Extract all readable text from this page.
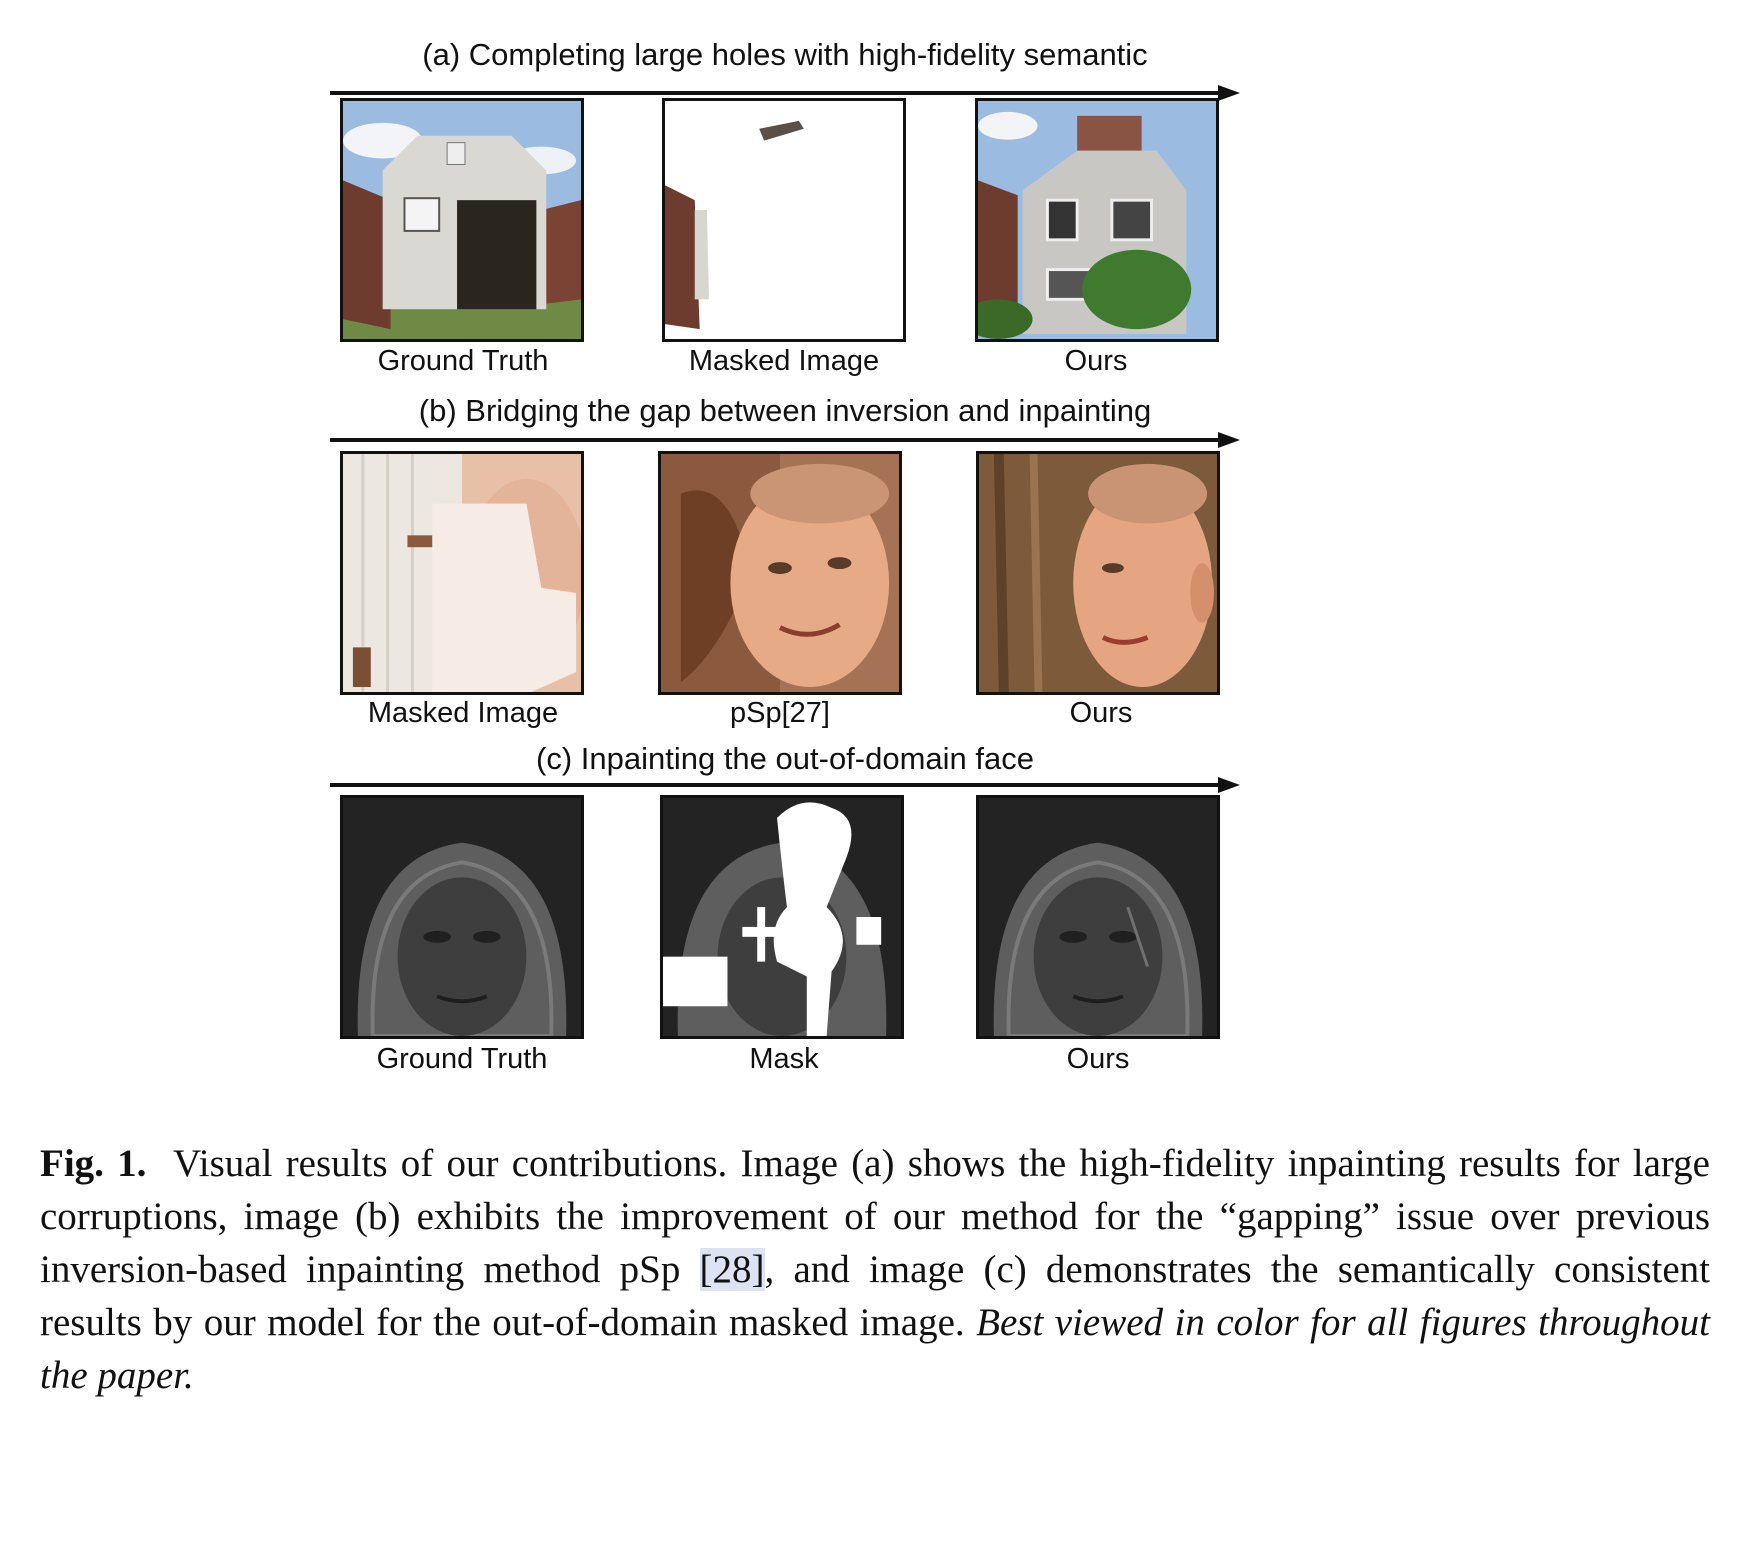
(a) Completing large holes with high-fidelity semantic
Ground Truth	Masked Image	Ours
(b) Bridging the gap between inversion and inpainting
Masked Image	pSp[27]	Ours
(c) Inpainting the out-of-domain face
Ground Truth	Mask	Ours
Fig. 1. Visual results of our contributions. Image (a) shows the high-fidelity inpainting results for large corruptions, image (b) exhibits the improvement of our method for the “gapping” issue over previous inversion-based inpainting method pSp [28], and image (c) demonstrates the semantically consistent results by our model for the out-of-domain masked image. Best viewed in color for all figures throughout the paper.
